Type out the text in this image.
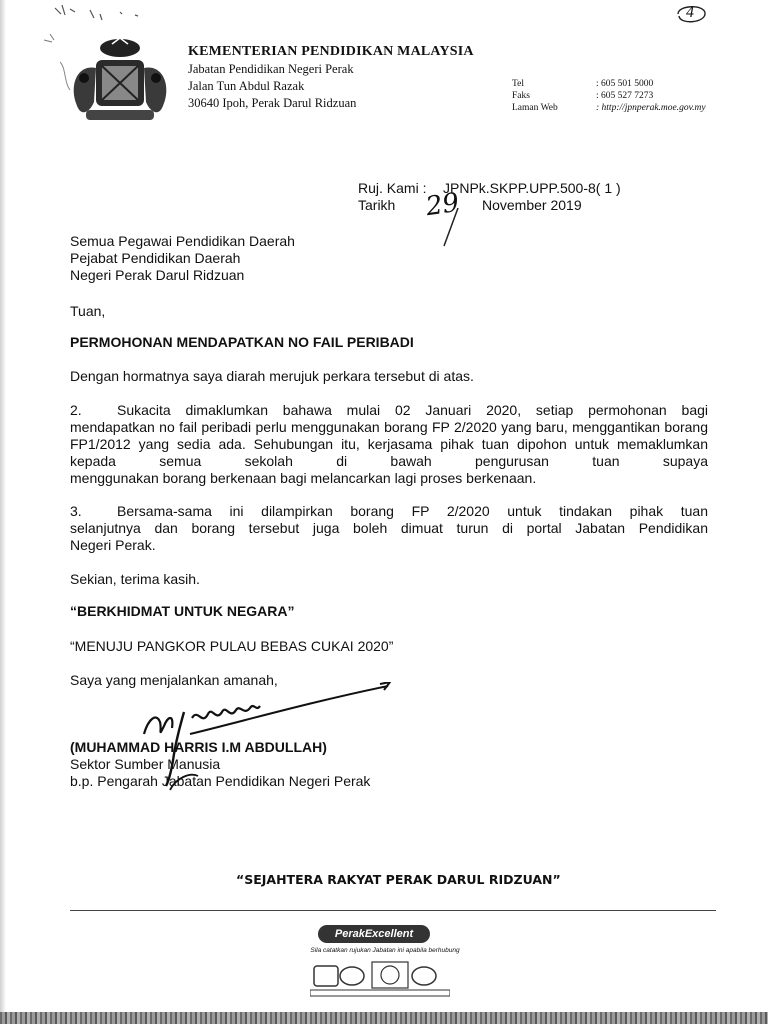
4
KEMENTERIAN PENDIDIKAN MALAYSIA
Jabatan Pendidikan Negeri Perak
Jalan Tun Abdul Razak
30640 Ipoh, Perak Darul Ridzuan
Tel	: 605 501 5000
Faks	: 605 527 7273
Laman Web	: http://jpnperak.moe.gov.my
Ruj. Kami : JPNPk.SKPP.UPP.500-8( 1 )
Tarikh 29 November 2019
Semua Pegawai Pendidikan Daerah
Pejabat Pendidikan Daerah
Negeri Perak Darul Ridzuan
Tuan,
PERMOHONAN MENDAPATKAN NO FAIL PERIBADI
Dengan hormatnya saya diarah merujuk perkara tersebut di atas.
2.	Sukacita dimaklumkan bahawa mulai 02 Januari 2020, setiap permohonan bagi
mendapatkan no fail peribadi perlu menggunakan borang FP 2/2020 yang baru, menggantikan borang FP1/2012 yang sedia ada. Sehubungan itu, kerjasama pihak tuan dipohon untuk memaklumkan kepada semua sekolah di bawah pengurusan tuan supaya
menggunakan borang berkenaan bagi melancarkan lagi proses berkenaan.
3.	Bersama-sama ini dilampirkan borang FP 2/2020 untuk tindakan pihak tuan
selanjutnya dan borang tersebut juga boleh dimuat turun di portal Jabatan Pendidikan
Negeri Perak.
Sekian, terima kasih.
“BERKHIDMAT UNTUK NEGARA”
“MENUJU PANGKOR PULAU BEBAS CUKAI 2020”
Saya yang menjalankan amanah,
(MUHAMMAD HARRIS I.M ABDULLAH)
Sektor Sumber Manusia
b.p. Pengarah Jabatan Pendidikan Negeri Perak
“SEJAHTERA RAKYAT PERAK DARUL RIDZUAN”
PerakExcellent
Sila catatkan rujukan Jabatan ini apabila berhubung
